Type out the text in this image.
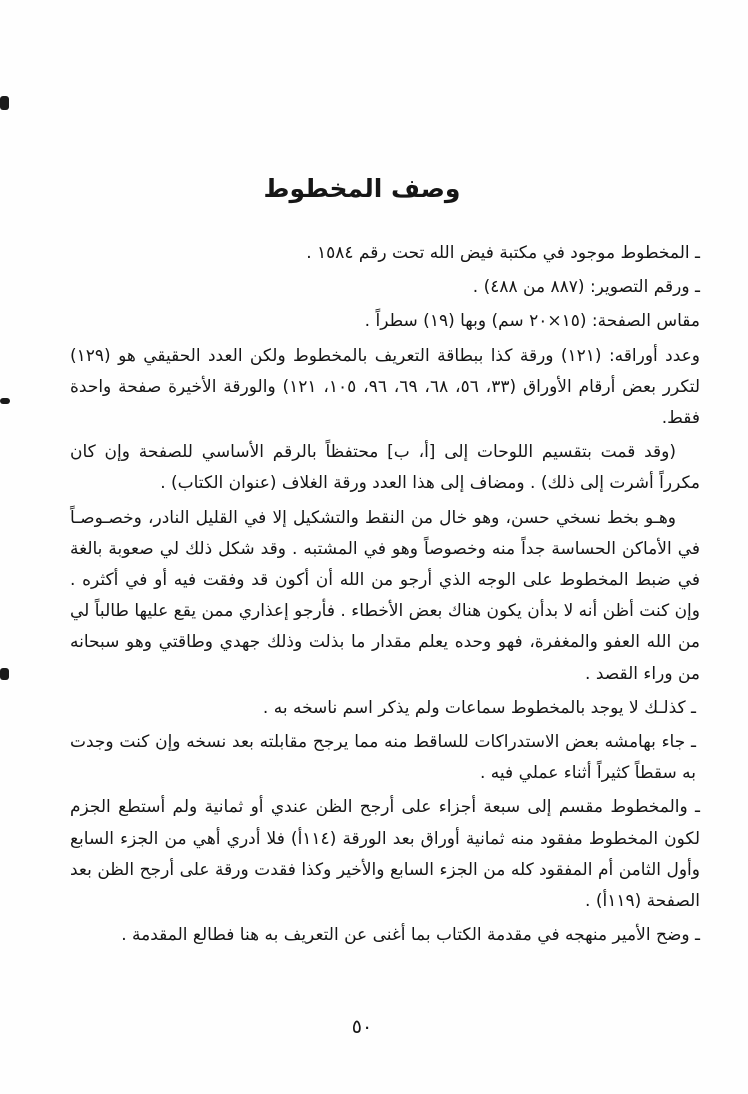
وصف المخطوط

ـ المخطوط موجود في مكتبة فيض الله تحت رقم ١٥٨٤ .

ـ ورقم التصوير: (٨٨٧ من ٤٨٨) .

مقاس الصفحة: (١٥×٢٠ سم) وبها (١٩) سطراً .

وعدد أوراقه: (١٢١) ورقة كذا ببطاقة التعريف بالمخطوط ولكن العدد الحقيقي هو (١٢٩) لتكرر بعض أرقام الأوراق (٣٣، ٥٦، ٦٨، ٦٩، ٩٦، ١٠٥، ١٢١) والورقة الأخيرة صفحة واحدة فقط.

(وقد قمت بتقسيم اللوحات إلى [أ، ب] محتفظاً بالرقم الأساسي للصفحة وإن كان مكرراً أشرت إلى ذلك) . ومضاف إلى هذا العدد ورقة الغلاف (عنوان الكتاب) .

وهـو بخط نسخي حسن، وهو خال من النقط والتشكيل إلا في القليل النادر، وخصـوصـاً في الأماكن الحساسة جداً منه وخصوصاً وهو في المشتبه . وقد شكل ذلك لي صعوبة بالغة في ضبط المخطوط على الوجه الذي أرجو من الله أن أكون قد وفقت فيه أو في أكثره . وإن كنت أظن أنه لا بدأن يكون هناك بعض الأخطاء . فأرجو إعذاري ممن يقع عليها طالباً لي من الله العفو والمغفرة، فهو وحده يعلم مقدار ما بذلت وذلك جهدي وطاقتي وهو سبحانه من وراء القصد .

ـ كذلـك لا يوجد بالمخطوط سماعات ولم يذكر اسم ناسخه به .

ـ جاء بهامشه بعض الاستدراكات للساقط منه مما يرجح مقابلته بعد نسخه وإن كنت وجدت به سقطاً كثيراً أثناء عملي فيه .

ـ والمخطوط مقسم إلى سبعة أجزاء على أرجح الظن عندي أو ثمانية ولم أستطع الجزم لكون المخطوط مفقود منه ثمانية أوراق بعد الورقة (١١٤أ) فلا أدري أهي من الجزء السابع وأول الثامن أم المفقود كله من الجزء السابع والأخير وكذا فقدت ورقة على أرجح الظن بعد الصفحة (١١٩أ) .

ـ وضح الأمير منهجه في مقدمة الكتاب بما أغنى عن التعريف به هنا فطالع المقدمة .

٥٠
